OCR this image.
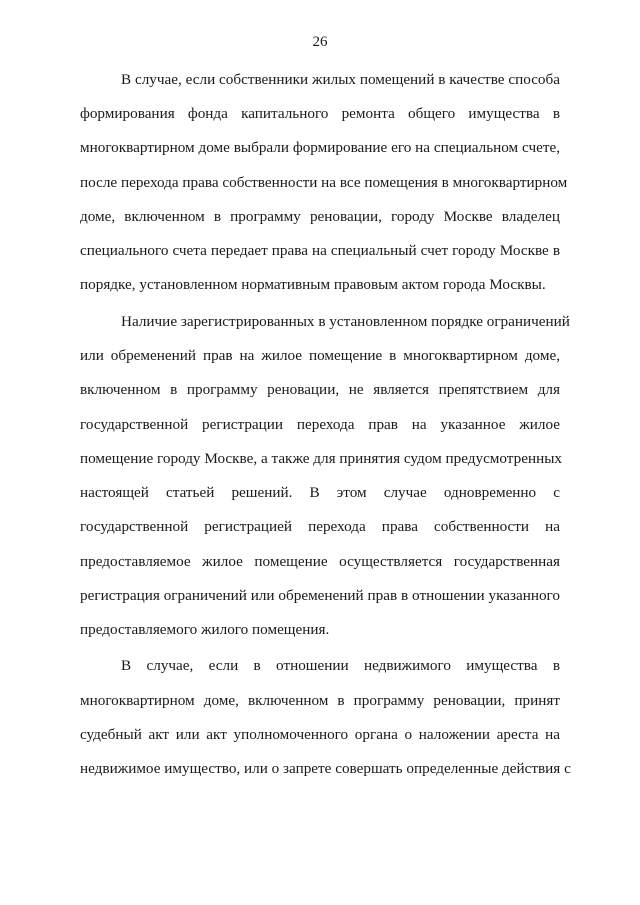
26
В случае, если собственники жилых помещений в качестве способа
формирования фонда капитального ремонта общего имущества в
многоквартирном доме выбрали формирование его на специальном счете,
после перехода права собственности на все помещения в многоквартирном
доме, включенном в программу реновации, городу Москве владелец
специального счета передает права на специальный счет городу Москве в
порядке, установленном нормативным правовым актом города Москвы.
Наличие зарегистрированных в установленном порядке ограничений
или обременений прав на жилое помещение в многоквартирном доме,
включенном в программу реновации, не является препятствием для
государственной регистрации перехода прав на указанное жилое
помещение городу Москве, а также для принятия судом предусмотренных
настоящей статьей решений. В этом случае одновременно с
государственной регистрацией перехода права собственности на
предоставляемое жилое помещение осуществляется государственная
регистрация ограничений или обременений прав в отношении указанного
предоставляемого жилого помещения.
В случае, если в отношении недвижимого имущества в
многоквартирном доме, включенном в программу реновации, принят
судебный акт или акт уполномоченного органа о наложении ареста на
недвижимое имущество, или о запрете совершать определенные действия с
